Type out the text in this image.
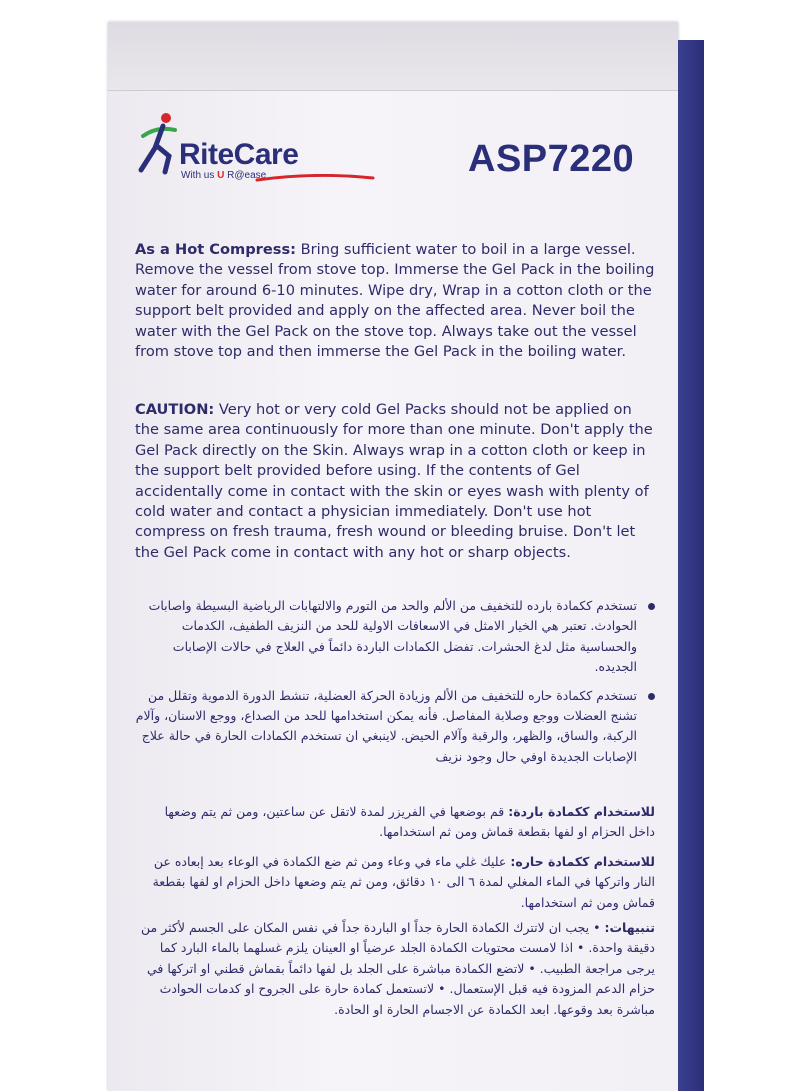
RiteCare
With us U R@ease	ASP7220

As a Hot Compress: Bring sufficient water to boil in a large vessel. Remove the vessel from stove top. Immerse the Gel Pack in the boiling water for around 6-10 minutes. Wipe dry, Wrap in a cotton cloth or the support belt provided and apply on the affected area. Never boil the water with the Gel Pack on the stove top. Always take out the vessel from stove top and then immerse the Gel Pack in the boiling water.

CAUTION: Very hot or very cold Gel Packs should not be applied on the same area continuously for more than one minute. Don't apply the Gel Pack directly on the Skin. Always wrap in a cotton cloth or keep in the support belt provided before using. If the contents of Gel accidentally come in contact with the skin or eyes wash with plenty of cold water and contact a physician immediately. Don't use hot compress on fresh trauma, fresh wound or bleeding bruise. Don't let the Gel Pack come in contact with any hot or sharp objects.

تستخدم ككمادة بارده للتخفيف من الألم والحد من التورم والالتهابات الرياضية البسيطة واصابات الحوادث. تعتبر هي الخيار الامثل في الاسعافات الاولية للحد من النزيف الطفيف، الكدمات والحساسية مثل لدغ الحشرات. تفضل الكمادات الباردة دائماً في العلاج في حالات الإصابات الجديده.
تستخدم ككمادة حاره للتخفيف من الألم وزيادة الحركة العضلية، تنشط الدورة الدموية وتقلل من تشنج العضلات ووجع وصلابة المفاصل. فأنه يمكن استخدامها للحد من الصداع، ووجع الاسنان، وآلام الركبة، والساق، والظهر، والرقبة وآلام الحيض. لاينبغي ان تستخدم الكمادات الحارة في حالة علاج الإصابات الجديدة اوفي حال وجود نزيف

للاستخدام ككمادة باردة: قم بوضعها في الفريزر لمدة لاتقل عن ساعتين، ومن ثم يتم وضعها داخل الحزام او لفها بقطعة قماش ومن ثم استخدامها.

للاستخدام ككمادة حاره: عليك غلي ماء في وعاء ومن ثم ضع الكمادة في الوعاء بعد إبعاده عن النار واتركها في الماء المغلي لمدة ٦ الى ١٠ دقائق، ومن ثم يتم وضعها داخل الحزام او لفها بقطعة قماش ومن ثم استخدامها.

تنبيهات: • يجب ان لاتترك الكمادة الحارة جداً او الباردة جداً في نفس المكان على الجسم لأكثر من دقيقة واحدة. • اذا لامست محتويات الكمادة الجلد عرضياً او العينان يلزم غسلهما بالماء البارد كما يرجى مراجعة الطبيب. • لاتضع الكمادة مباشرة على الجلد بل لفها دائماً بقماش قطني او اتركها في حزام الدعم المزودة فيه قبل الإستعمال. • لاتستعمل كمادة حارة على الجروح او كدمات الحوادث مباشرة بعد وقوعها. ابعد الكمادة عن الاجسام الحارة او الحادة.
